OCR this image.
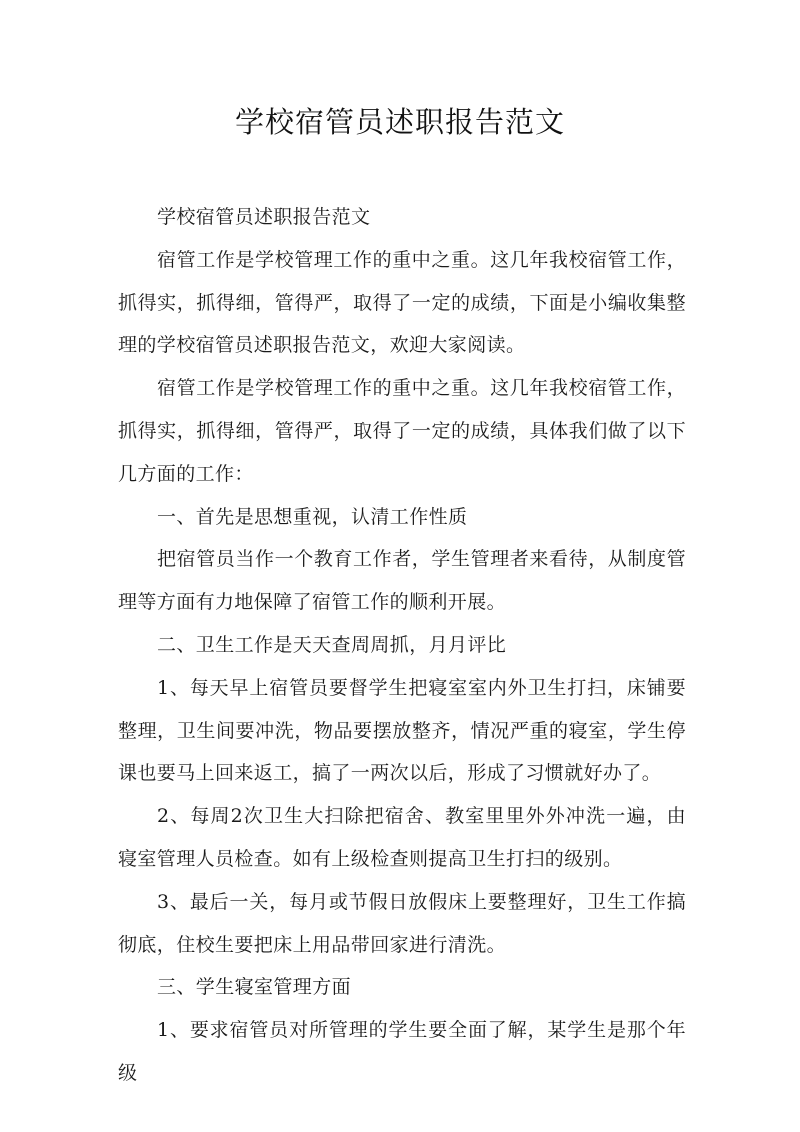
学校宿管员述职报告范文

学校宿管员述职报告范文

宿管工作是学校管理工作的重中之重。这几年我校宿管工作，抓得实，抓得细，管得严，取得了一定的成绩，下面是小编收集整理的学校宿管员述职报告范文，欢迎大家阅读。

宿管工作是学校管理工作的重中之重。这几年我校宿管工作，抓得实，抓得细，管得严，取得了一定的成绩，具体我们做了以下几方面的工作：

一、首先是思想重视，认清工作性质

把宿管员当作一个教育工作者，学生管理者来看待，从制度管理等方面有力地保障了宿管工作的顺利开展。

二、卫生工作是天天查周周抓，月月评比

1、每天早上宿管员要督学生把寝室室内外卫生打扫，床铺要整理，卫生间要冲洗，物品要摆放整齐，情况严重的寝室，学生停课也要马上回来返工，搞了一两次以后，形成了习惯就好办了。

2、每周2次卫生大扫除把宿舍、教室里里外外冲洗一遍，由寝室管理人员检查。如有上级检查则提高卫生打扫的级别。

3、最后一关，每月或节假日放假床上要整理好，卫生工作搞彻底，住校生要把床上用品带回家进行清洗。

三、学生寝室管理方面

1、要求宿管员对所管理的学生要全面了解，某学生是那个年级
